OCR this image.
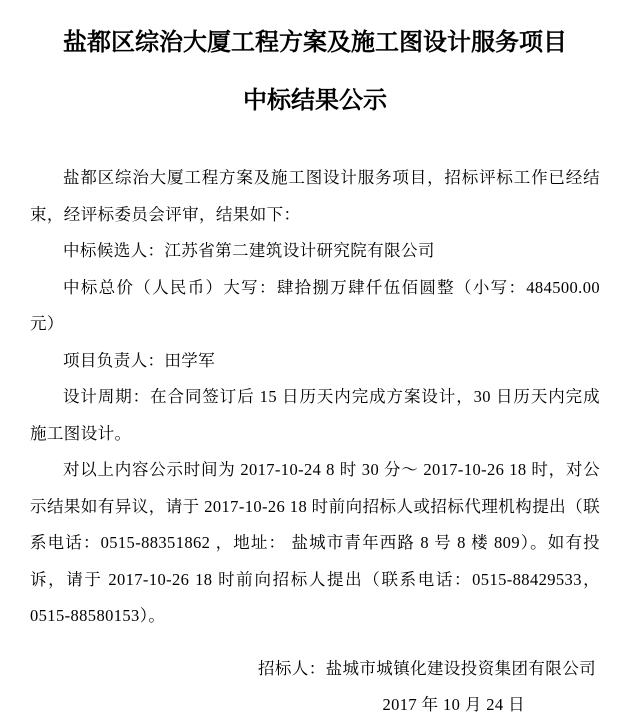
盐都区综治大厦工程方案及施工图设计服务项目
中标结果公示

盐都区综治大厦工程方案及施工图设计服务项目，招标评标工作已经结束，经评标委员会评审，结果如下：

中标候选人：江苏省第二建筑设计研究院有限公司

中标总价（人民币）大写：肆拾捌万肆仟伍佰圆整（小写：484500.00 元）

项目负责人：田学军

设计周期：在合同签订后 15 日历天内完成方案设计，30 日历天内完成施工图设计。

对以上内容公示时间为 2017-10-24 8 时 30 分～ 2017-10-26 18 时，对公示结果如有异议，请于 2017-10-26 18 时前向招标人或招标代理机构提出（联系电话：0515-88351862 ，地址： 盐城市青年西路 8 号 8 楼 809）。如有投诉，请于 2017-10-26 18 时前向招标人提出（联系电话：0515-88429533，0515-88580153）。

招标人：盐城市城镇化建设投资集团有限公司
2017 年 10 月 24 日
